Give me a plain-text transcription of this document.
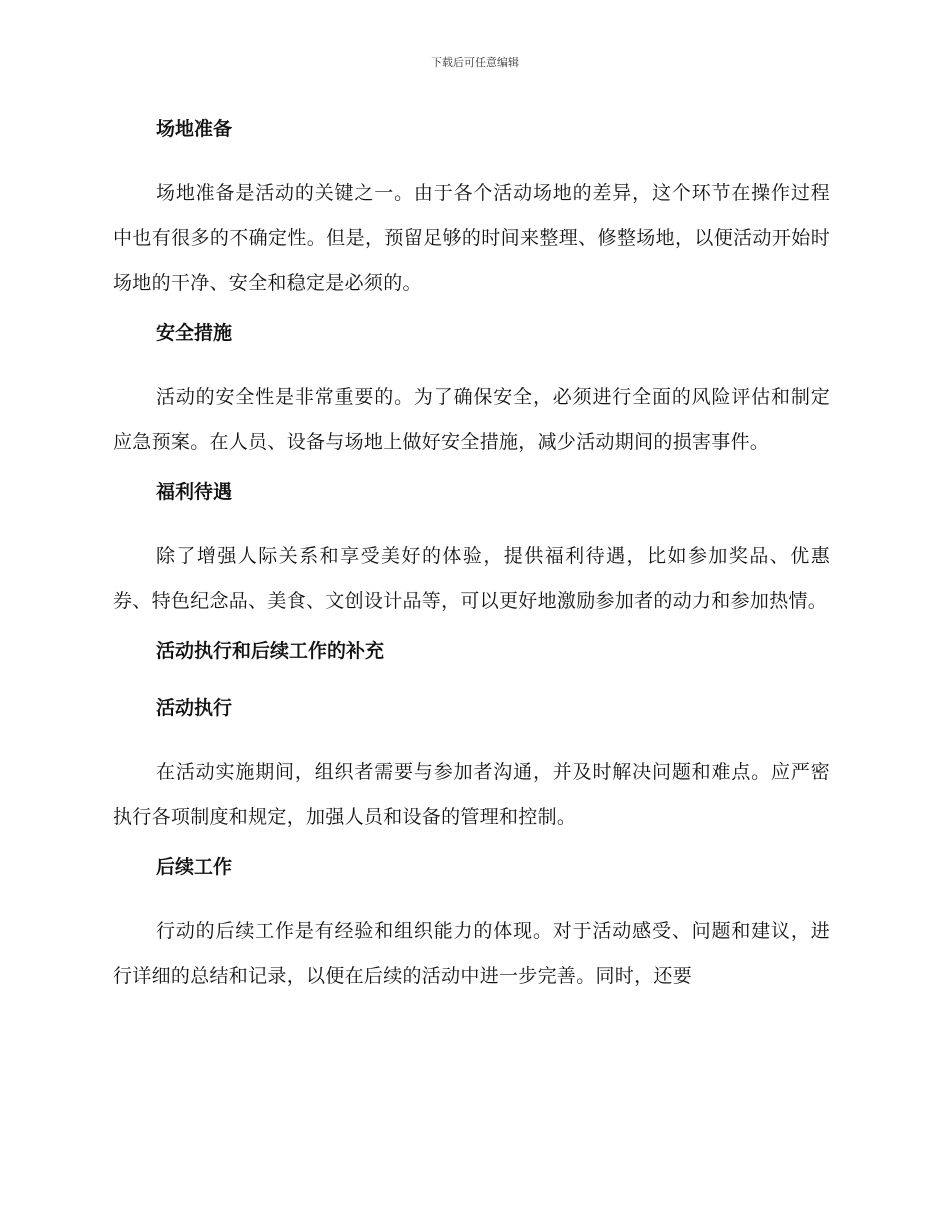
下载后可任意编辑
场地准备
场地准备是活动的关键之一。由于各个活动场地的差异，这个环节在操作过程中也有很多的不确定性。但是，预留足够的时间来整理、修整场地，以便活动开始时场地的干净、安全和稳定是必须的。
安全措施
活动的安全性是非常重要的。为了确保安全，必须进行全面的风险评估和制定应急预案。在人员、设备与场地上做好安全措施，减少活动期间的损害事件。
福利待遇
除了增强人际关系和享受美好的体验，提供福利待遇，比如参加奖品、优惠券、特色纪念品、美食、文创设计品等，可以更好地激励参加者的动力和参加热情。
活动执行和后续工作的补充
活动执行
在活动实施期间，组织者需要与参加者沟通，并及时解决问题和难点。应严密执行各项制度和规定，加强人员和设备的管理和控制。
后续工作
行动的后续工作是有经验和组织能力的体现。对于活动感受、问题和建议，进行详细的总结和记录，以便在后续的活动中进一步完善。同时，还要
